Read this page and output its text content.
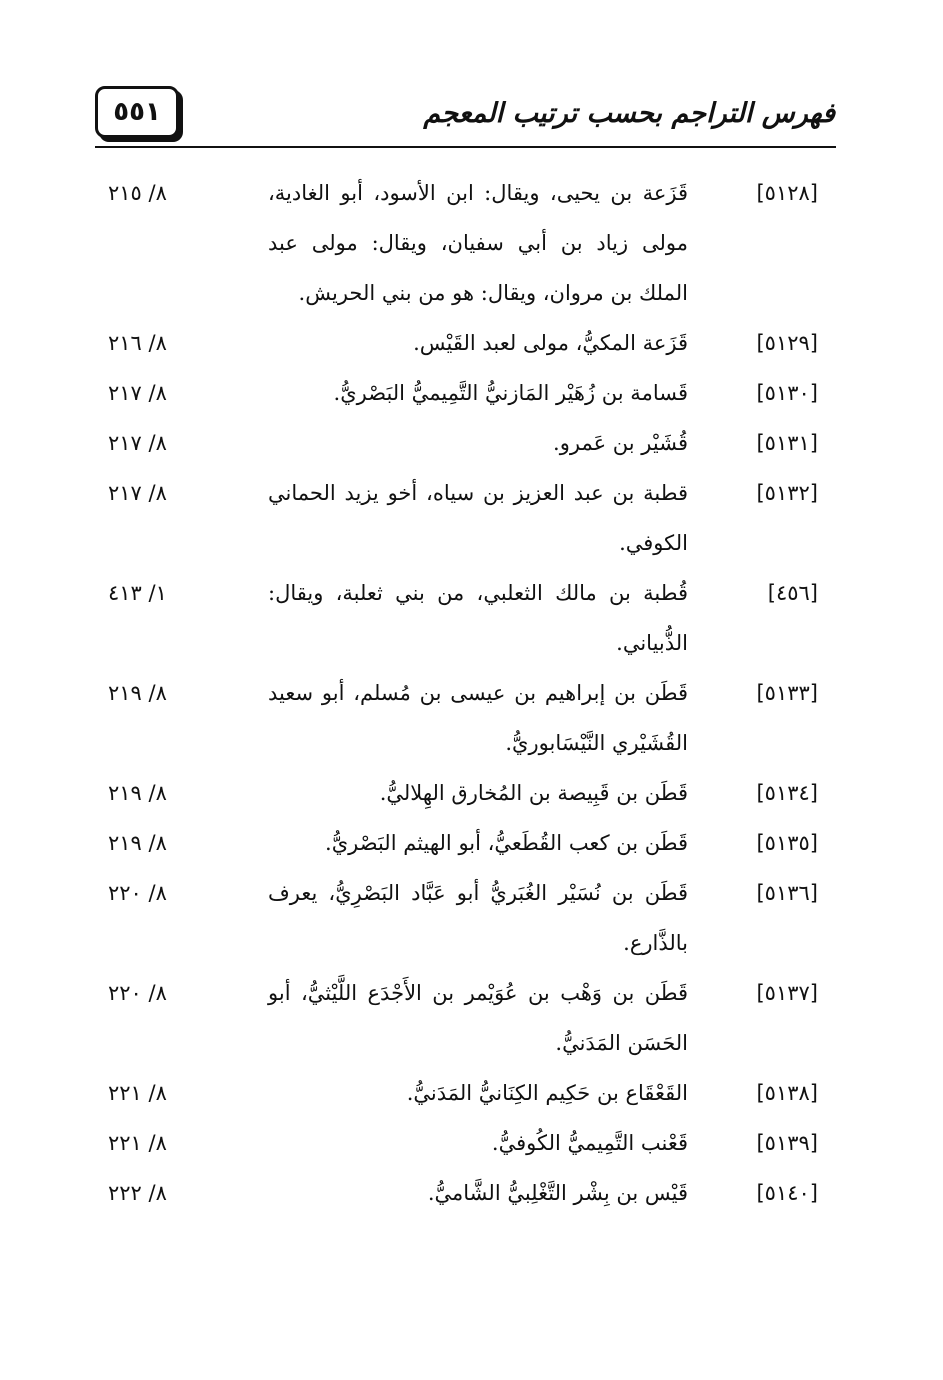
٥٥١	فهرس التراجم بحسب ترتيب المعجم
[٥١٢٨]
قَزَعة بن يحيى، ويقال: ابن الأسود، أبو الغادية، مولى زياد بن أبي سفيان، ويقال: مولى عبد الملك بن مروان، ويقال: هو من بني الحريش.
٨/ ٢١٥
[٥١٢٩]
قَزَعة المكيُّ، مولى لعبد القَيْس.
٨/ ٢١٦
[٥١٣٠]
قَسامة بن زُهَيْر المَازنيُّ التَّمِيميُّ البَصْريُّ.
٨/ ٢١٧
[٥١٣١]
قُشَيْر بن عَمرو.
٨/ ٢١٧
[٥١٣٢]
قطبة بن عبد العزيز بن سياه، أخو يزيد الحماني الكوفي.
٨/ ٢١٧
[٤٥٦]
قُطبة بن مالك الثعلبي، من بني ثعلبة، ويقال: الذُّبياني.
١/ ٤١٣
[٥١٣٣]
قَطَن بن إبراهيم بن عيسى بن مُسلم، أبو سعيد القُشَيْري النَّيْسَابوريُّ.
٨/ ٢١٩
[٥١٣٤]
قَطَن بن قَبِيصة بن المُخارق الهِلاليُّ.
٨/ ٢١٩
[٥١٣٥]
قَطَن بن كعب القُطَعيُّ، أبو الهيثم البَصْريُّ.
٨/ ٢١٩
[٥١٣٦]
قَطَن بن نُسَيْر الغُبَريُّ أبو عَبَّاد البَصْرِيُّ، يعرف بالذَّارع.
٨/ ٢٢٠
[٥١٣٧]
قَطَن بن وَهْب بن عُوَيْمر بن الأَجْدَع اللَّيْثيُّ، أبو الحَسَن المَدَنيُّ.
٨/ ٢٢٠
[٥١٣٨]
القَعْقَاع بن حَكِيم الكِنَانيُّ المَدَنيُّ.
٨/ ٢٢١
[٥١٣٩]
قَعْنب التَّمِيميُّ الكُوفيُّ.
٨/ ٢٢١
[٥١٤٠]
قَيْس بن بِشْر التَّغْلِبيُّ الشَّاميُّ.
٨/ ٢٢٢
